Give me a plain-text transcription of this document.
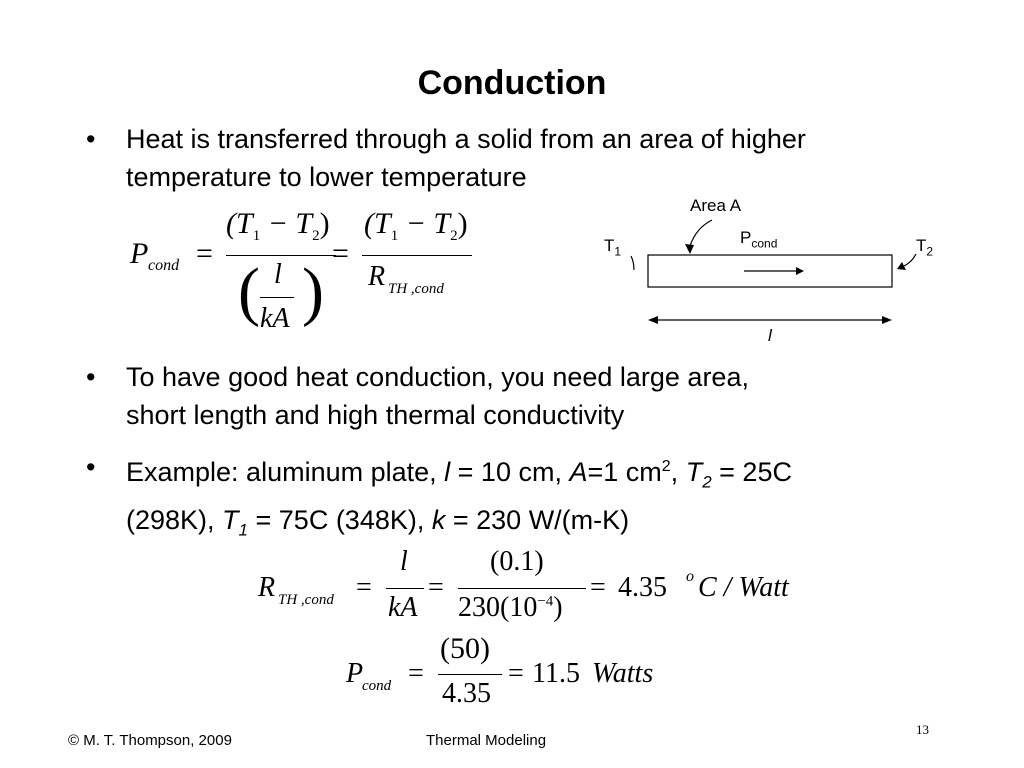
Conduction
• Heat is transferred through a solid from an area of higher
temperature to lower temperature
P cond =
$(T_1 - T_2)$
( l
kA )
=
$(T_1 - T_2)$
R TH ,cond
Area A
$P_{cond}$
$T_1$	$T_2$
l
• To have good heat conduction, you need large area,
short length and high thermal conductivity
• Example: aluminum plate, l = 10 cm, A=1 $cm^2$, $T_2 = 25C$
(298K), $T_1 = 75C$ (348K), k = 230 W/(m-K)
R TH ,cond =
l
kA
=
(0.1)
$230(10^{-4})$
= 4.35 o C / Watt
P
cond =
(50)
4.35
= 11.5 Watts
© M. T. Thompson, 2009	Thermal Modeling
13
